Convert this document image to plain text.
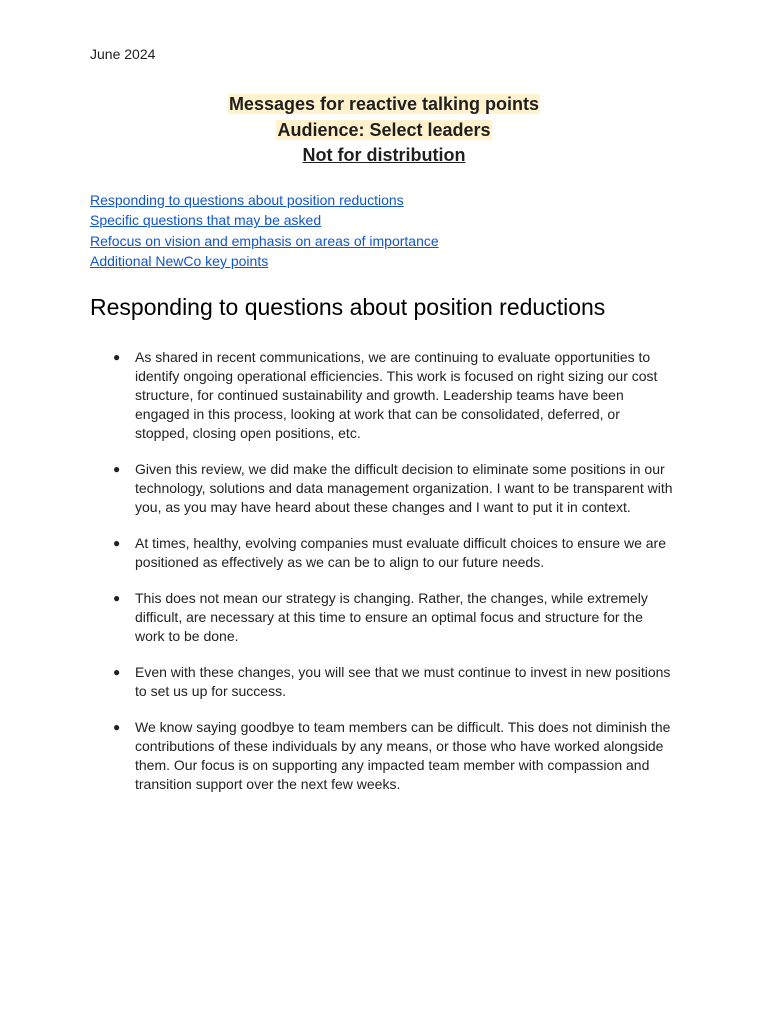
June 2024
Messages for reactive talking points
Audience: Select leaders
Not for distribution
Responding to questions about position reductions
Specific questions that may be asked
Refocus on vision and emphasis on areas of importance
Additional NewCo key points
Responding to questions about position reductions
● As shared in recent communications, we are continuing to evaluate opportunities to identify ongoing operational efficiencies. This work is focused on right sizing our cost structure, for continued sustainability and growth. Leadership teams have been engaged in this process, looking at work that can be consolidated, deferred, or stopped, closing open positions, etc.
● Given this review, we did make the difficult decision to eliminate some positions in our technology, solutions and data management organization. I want to be transparent with you, as you may have heard about these changes and I want to put it in context.
● At times, healthy, evolving companies must evaluate difficult choices to ensure we are positioned as effectively as we can be to align to our future needs.
● This does not mean our strategy is changing. Rather, the changes, while extremely difficult, are necessary at this time to ensure an optimal focus and structure for the work to be done.
● Even with these changes, you will see that we must continue to invest in new positions to set us up for success.
● We know saying goodbye to team members can be difficult. This does not diminish the contributions of these individuals by any means, or those who have worked alongside them. Our focus is on supporting any impacted team member with compassion and transition support over the next few weeks.
